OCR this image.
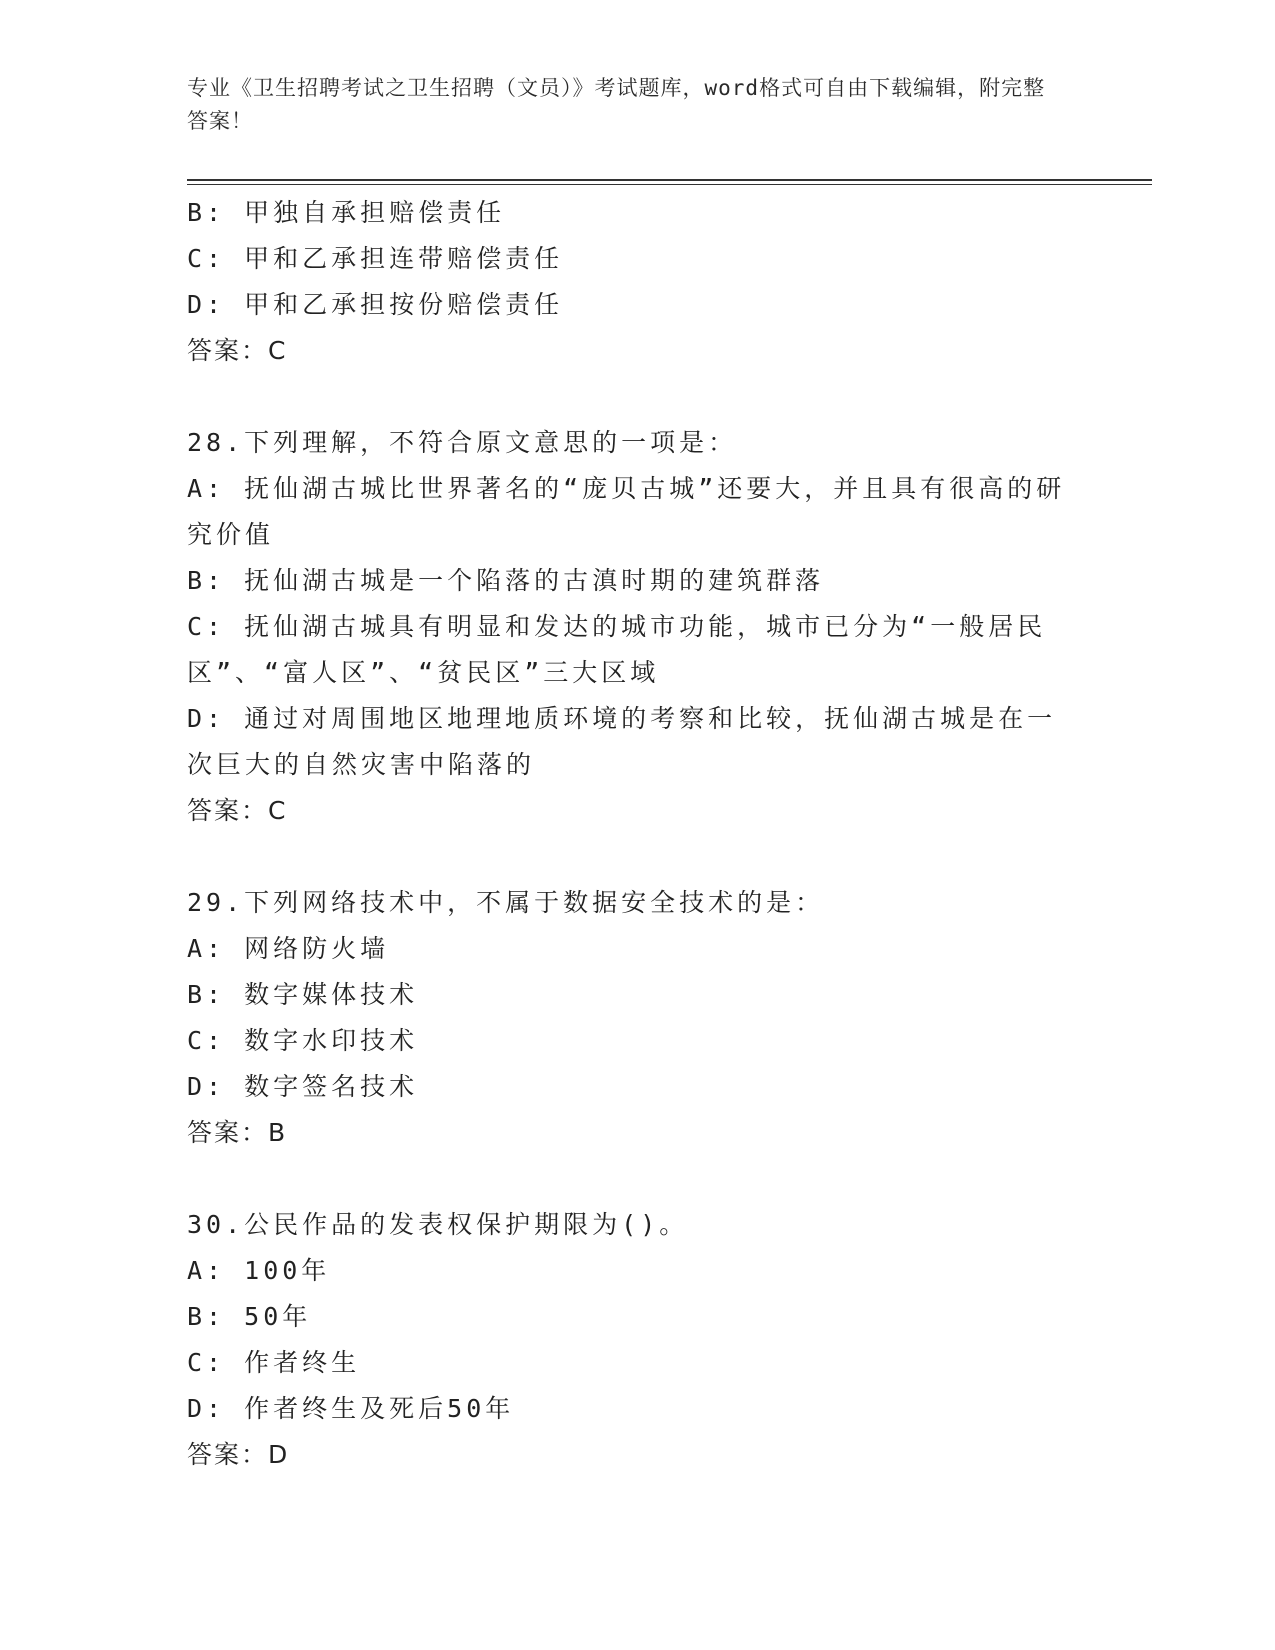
专业《卫生招聘考试之卫生招聘（文员）》考试题库，word格式可自由下载编辑，附完整答案！
B: 甲独自承担赔偿责任
C: 甲和乙承担连带赔偿责任
D: 甲和乙承担按份赔偿责任
答案：C
28.下列理解，不符合原文意思的一项是：
A: 抚仙湖古城比世界著名的“庞贝古城”还要大，并且具有很高的研究价值
B: 抚仙湖古城是一个陷落的古滇时期的建筑群落
C: 抚仙湖古城具有明显和发达的城市功能，城市已分为“一般居民区”、“富人区”、“贫民区”三大区域
D: 通过对周围地区地理地质环境的考察和比较，抚仙湖古城是在一次巨大的自然灾害中陷落的
答案：C
29.下列网络技术中，不属于数据安全技术的是：
A: 网络防火墙
B: 数字媒体技术
C: 数字水印技术
D: 数字签名技术
答案：B
30.公民作品的发表权保护期限为()。
A: 100年
B: 50年
C: 作者终生
D: 作者终生及死后50年
答案：D
